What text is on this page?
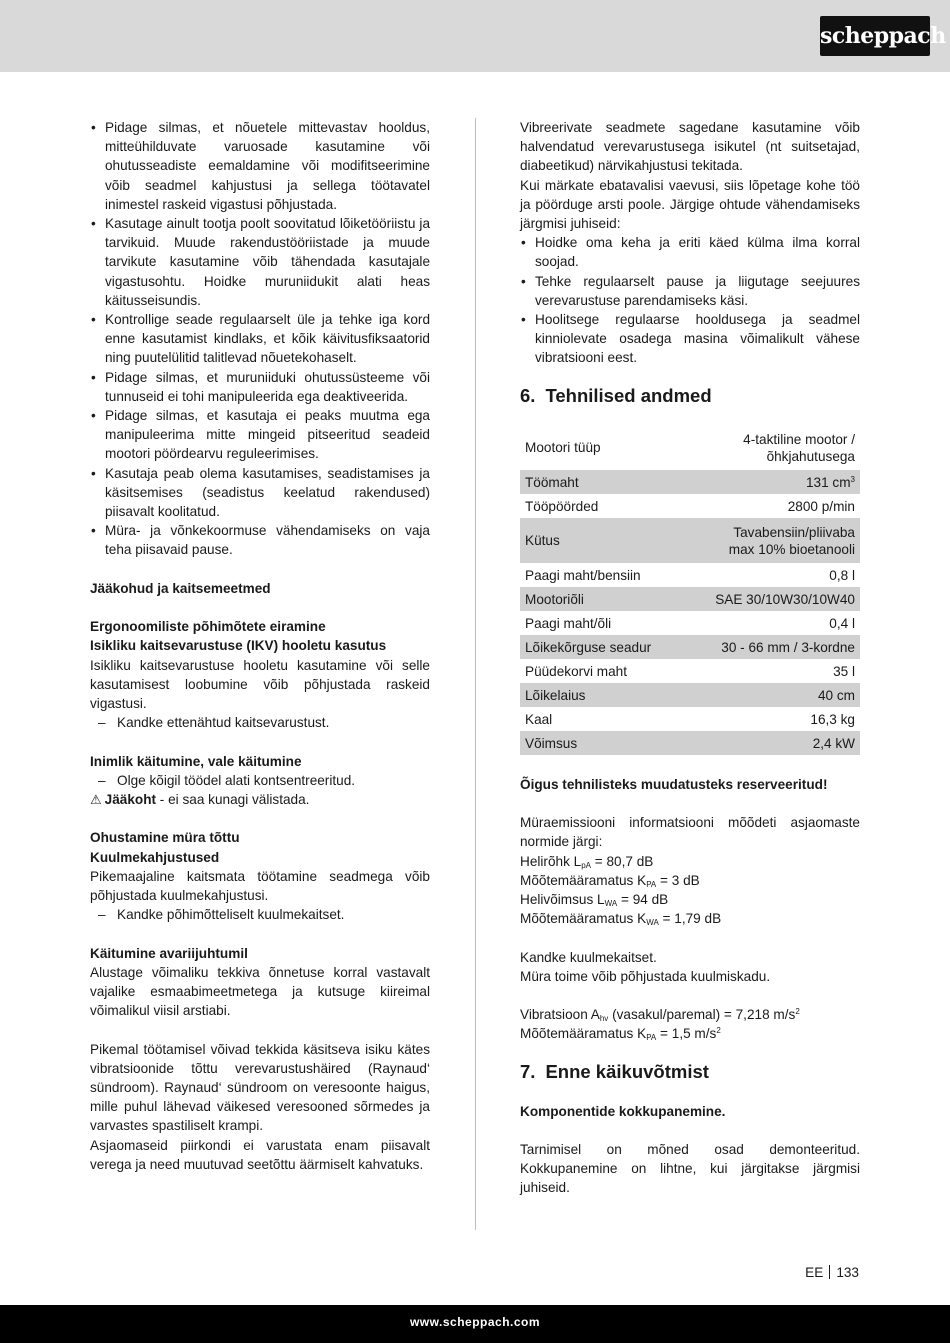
scheppach
• Pidage silmas, et nõuetele mittevastav hooldus, mitteühilduvate varuosade kasutamine või ohutusseadiste eemaldamine või modifitseerimine võib seadmel kahjustusi ja sellega töötavatel inimestel raskeid vigastusi põhjustada.
• Kasutage ainult tootja poolt soovitatud lõiketööriistu ja tarvikuid. Muude rakendustööriistade ja muude tarvikute kasutamine võib tähendada kasutajale vigastusohtu. Hoidke muruniidukit alati heas käitusseisundis.
• Kontrollige seade regulaarselt üle ja tehke iga kord enne kasutamist kindlaks, et kõik käivitusfiksaatorid ning puutelülitid talitlevad nõuetekohaselt.
• Pidage silmas, et muruniiduki ohutussüsteeme või tunnuseid ei tohi manipuleerida ega deaktiveerida.
• Pidage silmas, et kasutaja ei peaks muutma ega manipuleerima mitte mingeid pitseeritud seadeid mootori pöördearvu reguleerimises.
• Kasutaja peab olema kasutamises, seadistamises ja käsitsemises (seadistus keelatud rakendused) piisavalt koolitatud.
• Müra- ja võnkekoormuse vähendamiseks on vaja teha piisavaid pause.
Jääkohud ja kaitsemeetmed
Ergonoomiliste põhimõtete eiramine
Isikliku kaitsevarustuse (IKV) hooletu kasutus
Isikliku kaitsevarustuse hooletu kasutamine või selle kasutamisest loobumine võib põhjustada raskeid vigastusi.
– Kandke ettenähtud kaitsevarustust.
Inimlik käitumine, vale käitumine
– Olge kõigil töödel alati kontsentreeritud.
⚠ Jääkoht - ei saa kunagi välistada.
Ohustamine müra tõttu
Kuulmekahjustused
Pikemaajaline kaitsmata töötamine seadmega võib põhjustada kuulmekahjustusi.
– Kandke põhimõtteliselt kuulmekaitset.
Käitumine avariijuhtumil
Alustage võimaliku tekkiva õnnetuse korral vastavalt vajalike esmaabimeetmetega ja kutsuge kiireimal võimalikul viisil arstiabi.
Pikemal töötamisel võivad tekkida käsitseva isiku kätes vibratsioonide tõttu verevarustushäired (Raynaud‘ sündroom). Raynaud‘ sündroom on veresoonte haigus, mille puhul lähevad väikesed veresooned sõrmedes ja varvastes spastiliselt krampi.
Asjaomaseid piirkondi ei varustata enam piisavalt verega ja need muutuvad seetõttu äärmiselt kahvatuks.
Vibreerivate seadmete sagedane kasutamine võib halvendatud verevarustusega isikutel (nt suitsetajad, diabeetikud) närvikahjustusi tekitada.
Kui märkate ebatavalisi vaevusi, siis lõpetage kohe töö ja pöörduge arsti poole. Järgige ohtude vähendamiseks järgmisi juhiseid:
• Hoidke oma keha ja eriti käed külma ilma korral soojad.
• Tehke regulaarselt pause ja liigutage seejuures verevarustuse parendamiseks käsi.
• Hoolitsege regulaarse hooldusega ja seadmel kinniolevate osadega masina võimalikult vähese vibratsiooni eest.
6. Tehnilised andmed
Mootori tüüp	4-taktiline mootor /
õhkjahutusega

Töömaht	131 $cm^3$
Tööpöörded	2800 p/min
Kütus	Tavabensiin/pliivaba
max 10% bioetanooli

Paagi maht/bensiin	0,8 l
Mootoriõli	SAE 30/10W30/10W40
Paagi maht/õli	0,4 l
Lõikekõrguse seadur	30 - 66 mm / 3-kordne
Püüdekorvi maht	35 l
Lõikelaius	40 cm
Kaal	16,3 kg
Võimsus	2,4 kW
Õigus tehnilisteks muudatusteks reserveeritud!
Müraemissiooni informatsiooni mõõdeti asjaomaste normide järgi:
Helirõhk $L_{pA} = 80,7$ dB
Mõõtemääramatus $K_{PA} = 3$ dB
Helivõimsus $L_{WA} = 94$ dB
Mõõtemääramatus $K_{WA} = 1,79$ dB
Kandke kuulmekaitset.
Müra toime võib põhjustada kuulmiskadu.
Vibratsioon $A_{hv}$ (vasakul/paremal) = 7,218 $m/s^2$
Mõõtemääramatus $K_{PA} = 1,5$ $m/s^2$
7. Enne käikuvõtmist
Komponentide kokkupanemine.
Tarnimisel on mõned osad demonteeritud. Kokkupanemine on lihtne, kui järgitakse järgmisi juhiseid.
EE 133
www.scheppach.com
